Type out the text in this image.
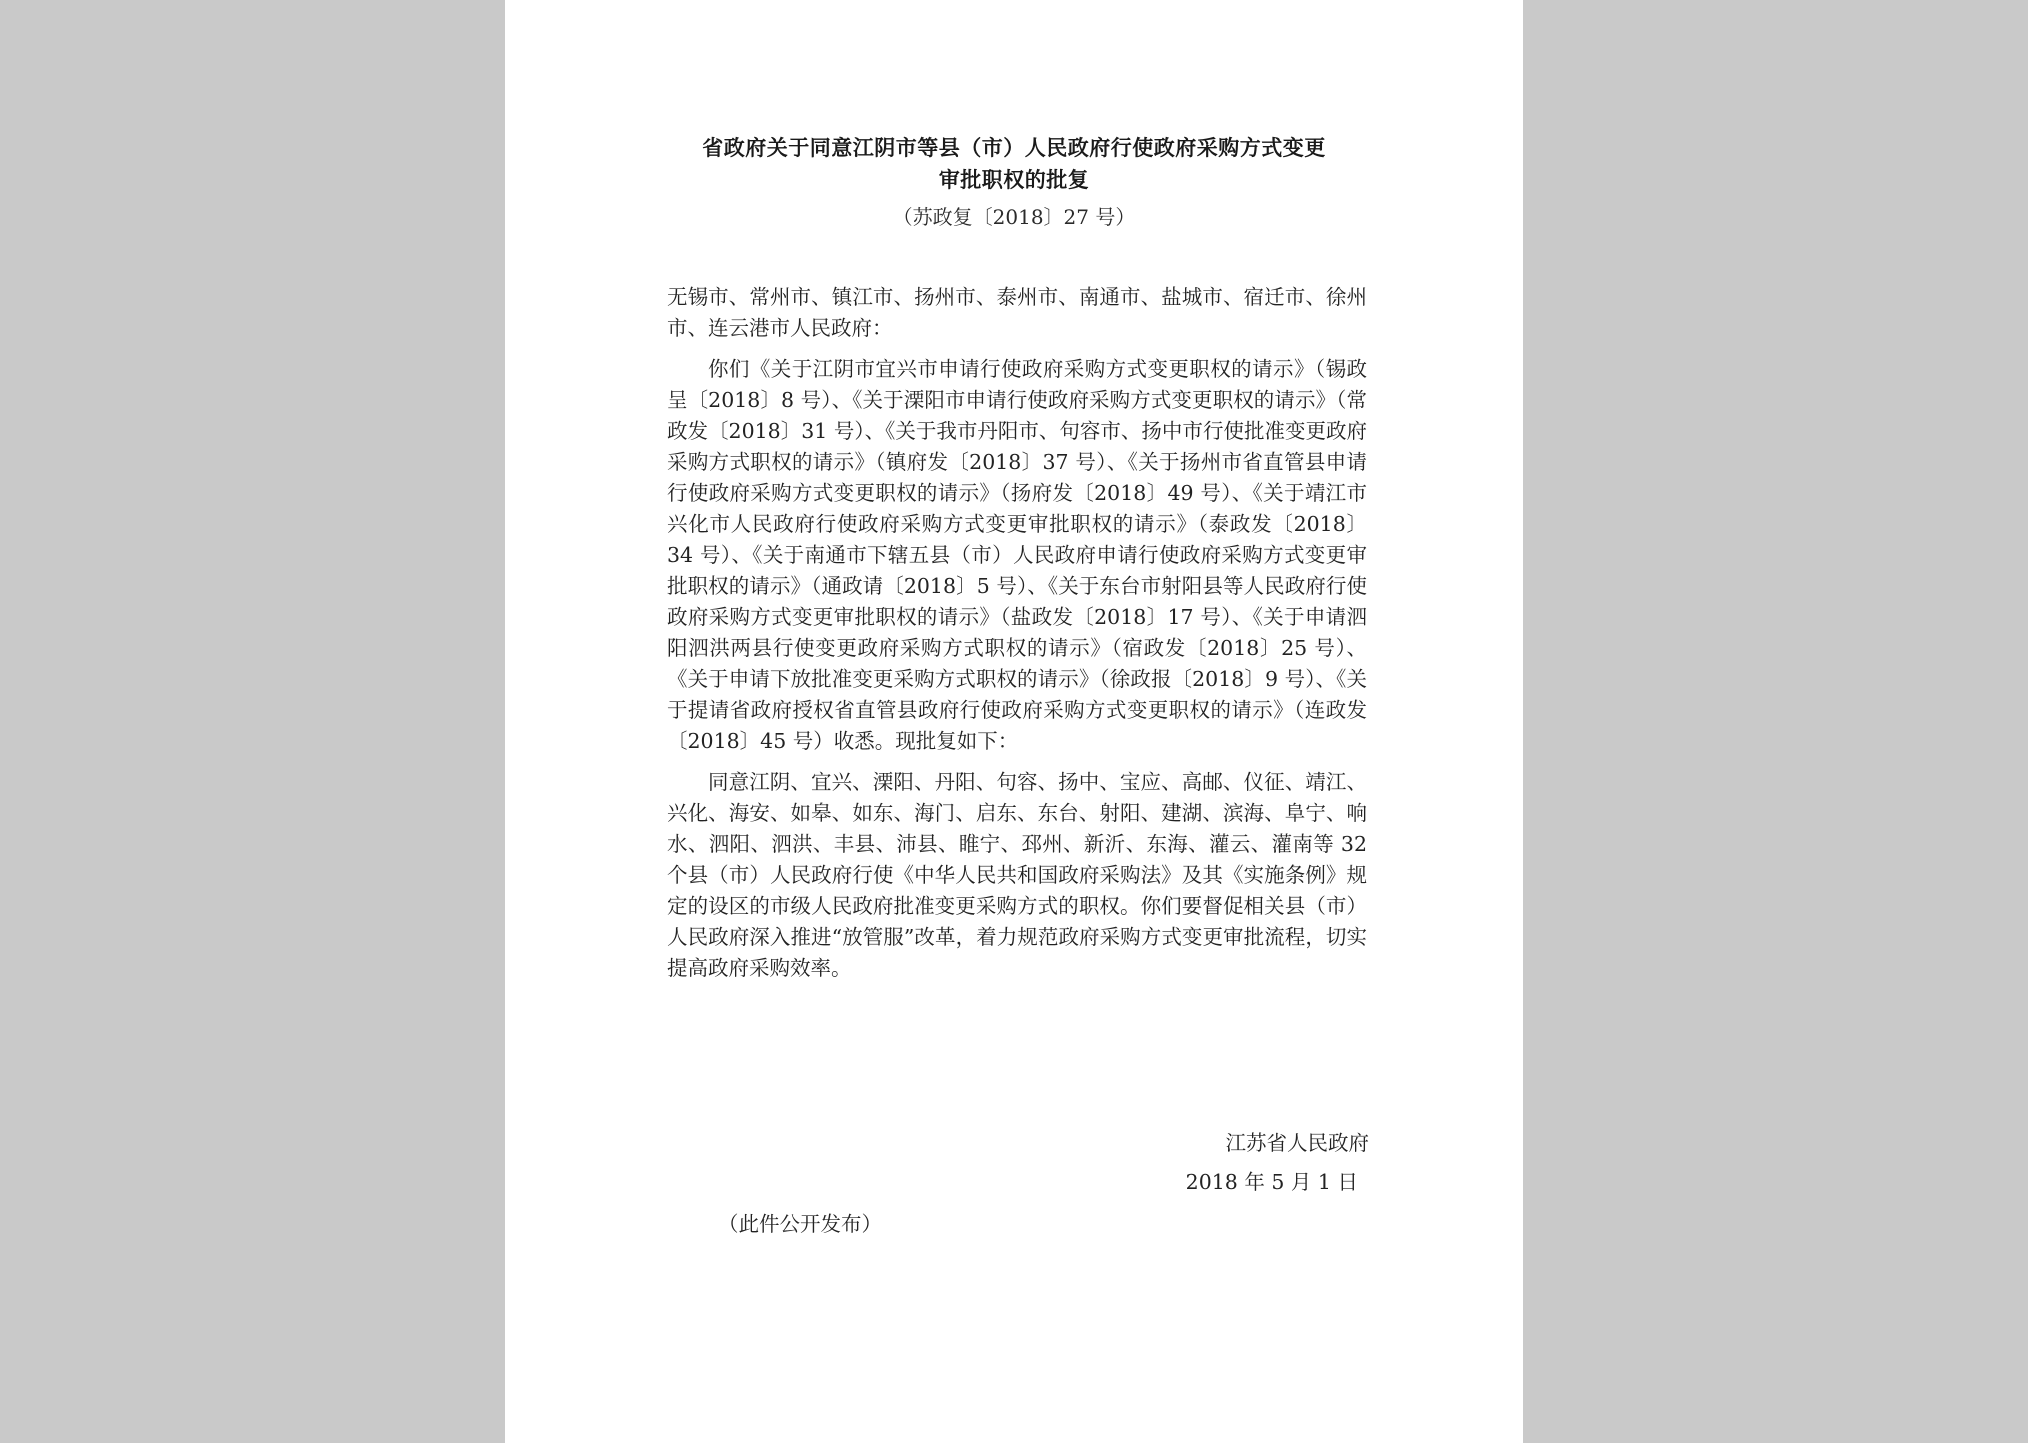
省政府关于同意江阴市等县（市）人民政府行使政府采购方式变更
审批职权的批复
（苏政复〔2018〕27 号）

无锡市、常州市、镇江市、扬州市、泰州市、南通市、盐城市、宿迁市、徐州市、连云港市人民政府：

你们《关于江阴市宜兴市申请行使政府采购方式变更职权的请示》（锡政呈〔2018〕8 号）、《关于溧阳市申请行使政府采购方式变更职权的请示》（常政发〔2018〕31 号）、《关于我市丹阳市、句容市、扬中市行使批准变更政府采购方式职权的请示》（镇府发〔2018〕37 号）、《关于扬州市省直管县申请行使政府采购方式变更职权的请示》（扬府发〔2018〕49 号）、《关于靖江市兴化市人民政府行使政府采购方式变更审批职权的请示》（泰政发〔2018〕34 号）、《关于南通市下辖五县（市）人民政府申请行使政府采购方式变更审批职权的请示》（通政请〔2018〕5 号）、《关于东台市射阳县等人民政府行使政府采购方式变更审批职权的请示》（盐政发〔2018〕17 号）、《关于申请泗阳泗洪两县行使变更政府采购方式职权的请示》（宿政发〔2018〕25 号）、《关于申请下放批准变更采购方式职权的请示》（徐政报〔2018〕9 号）、《关于提请省政府授权省直管县政府行使政府采购方式变更职权的请示》（连政发〔2018〕45 号）收悉。现批复如下：

同意江阴、宜兴、溧阳、丹阳、句容、扬中、宝应、高邮、仪征、靖江、兴化、海安、如皋、如东、海门、启东、东台、射阳、建湖、滨海、阜宁、响水、泗阳、泗洪、丰县、沛县、睢宁、邳州、新沂、东海、灌云、灌南等 32 个县（市）人民政府行使《中华人民共和国政府采购法》及其《实施条例》规定的设区的市级人民政府批准变更采购方式的职权。你们要督促相关县（市）人民政府深入推进“放管服”改革，着力规范政府采购方式变更审批流程，切实提高政府采购效率。

江苏省人民政府
2018 年 5 月 1 日
（此件公开发布）
